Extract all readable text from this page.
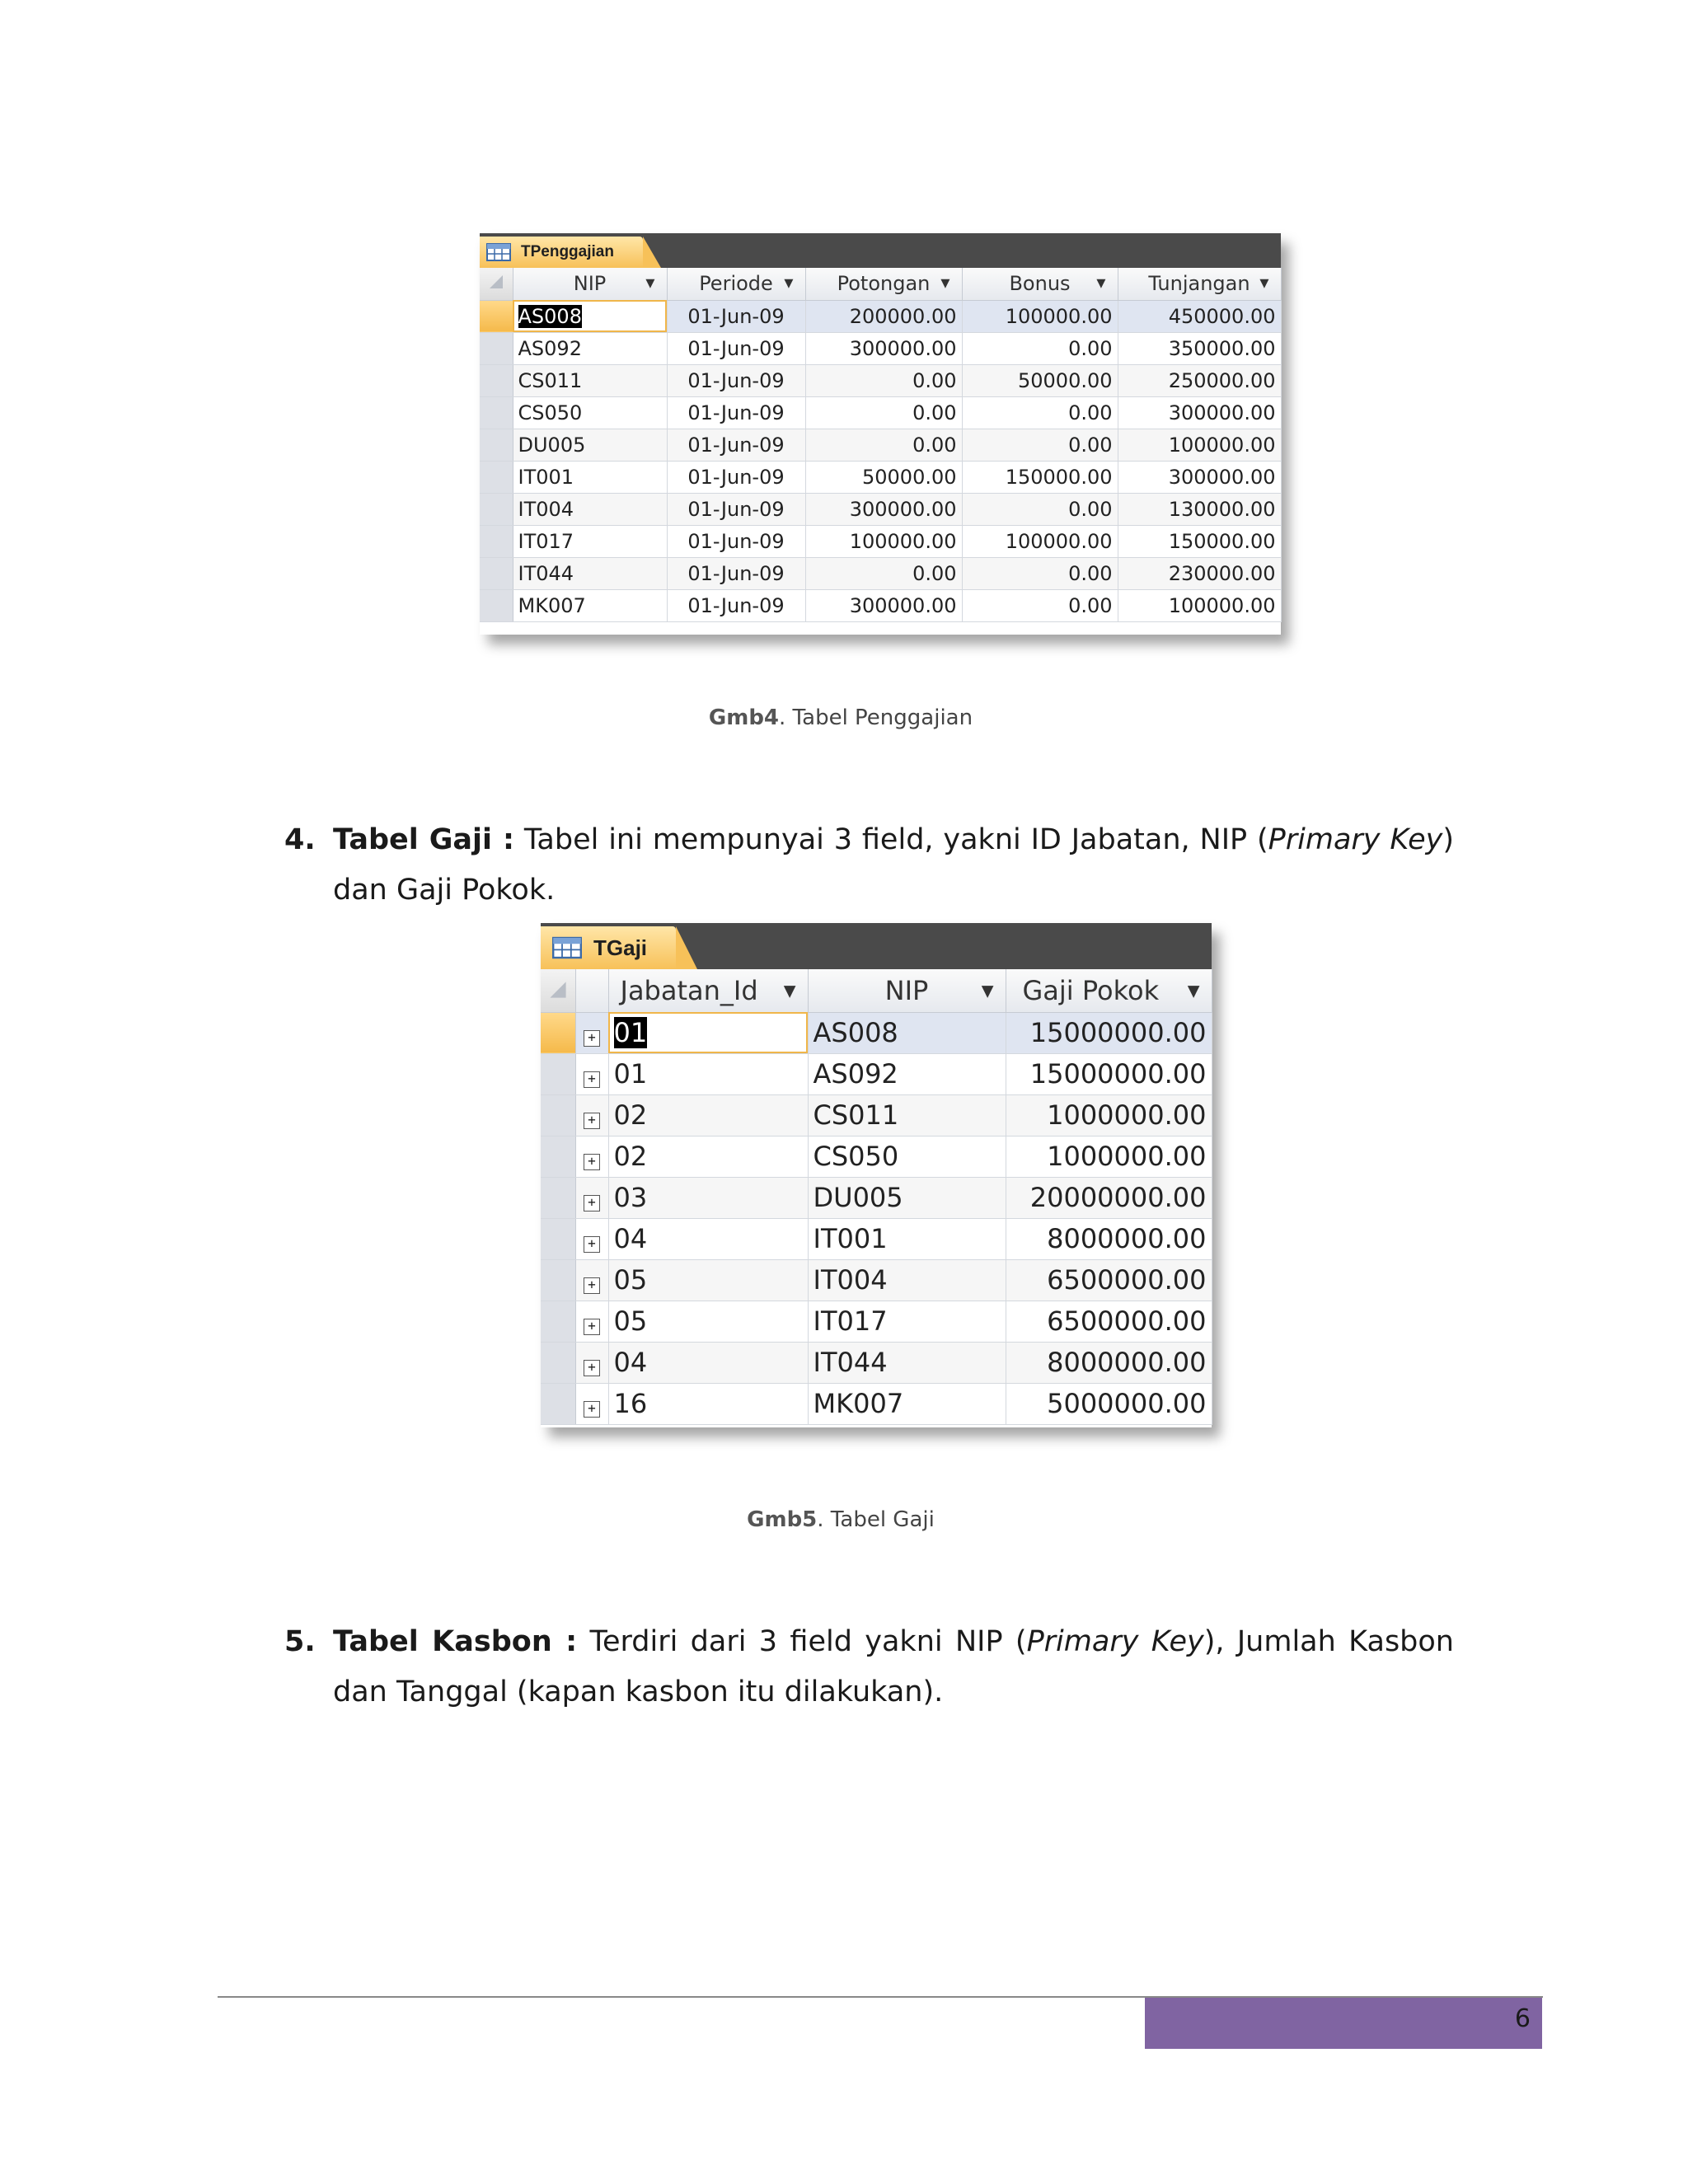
TPenggajian
	NIP ▼	Periode ▼	Potongan ▼	Bonus ▼	Tunjangan ▼

	AS008	01-Jun-09	200000.00	100000.00	450000.00
	AS092	01-Jun-09	300000.00	0.00	350000.00
	CS011	01-Jun-09	0.00	50000.00	250000.00
	CS050	01-Jun-09	0.00	0.00	300000.00
	DU005	01-Jun-09	0.00	0.00	100000.00
	IT001	01-Jun-09	50000.00	150000.00	300000.00
	IT004	01-Jun-09	300000.00	0.00	130000.00
	IT017	01-Jun-09	100000.00	100000.00	150000.00
	IT044	01-Jun-09	0.00	0.00	230000.00
	MK007	01-Jun-09	300000.00	0.00	100000.00
Gmb4. Tabel Penggajian
4. Tabel Gaji : Tabel ini mempunyai 3 field, yakni ID Jabatan, NIP (Primary Key)
dan Gaji Pokok.
TGaji
		Jabatan_Id ▼	NIP ▼	Gaji Pokok ▼

	+	01	AS008	15000000.00
	+	01	AS092	15000000.00
	+	02	CS011	1000000.00
	+	02	CS050	1000000.00
	+	03	DU005	20000000.00
	+	04	IT001	8000000.00
	+	05	IT004	6500000.00
	+	05	IT017	6500000.00
	+	04	IT044	8000000.00
	+	16	MK007	5000000.00
Gmb5. Tabel Gaji
5. Tabel Kasbon : Terdiri dari 3 field yakni NIP (Primary Key), Jumlah Kasbon
dan Tanggal (kapan kasbon itu dilakukan).
6
